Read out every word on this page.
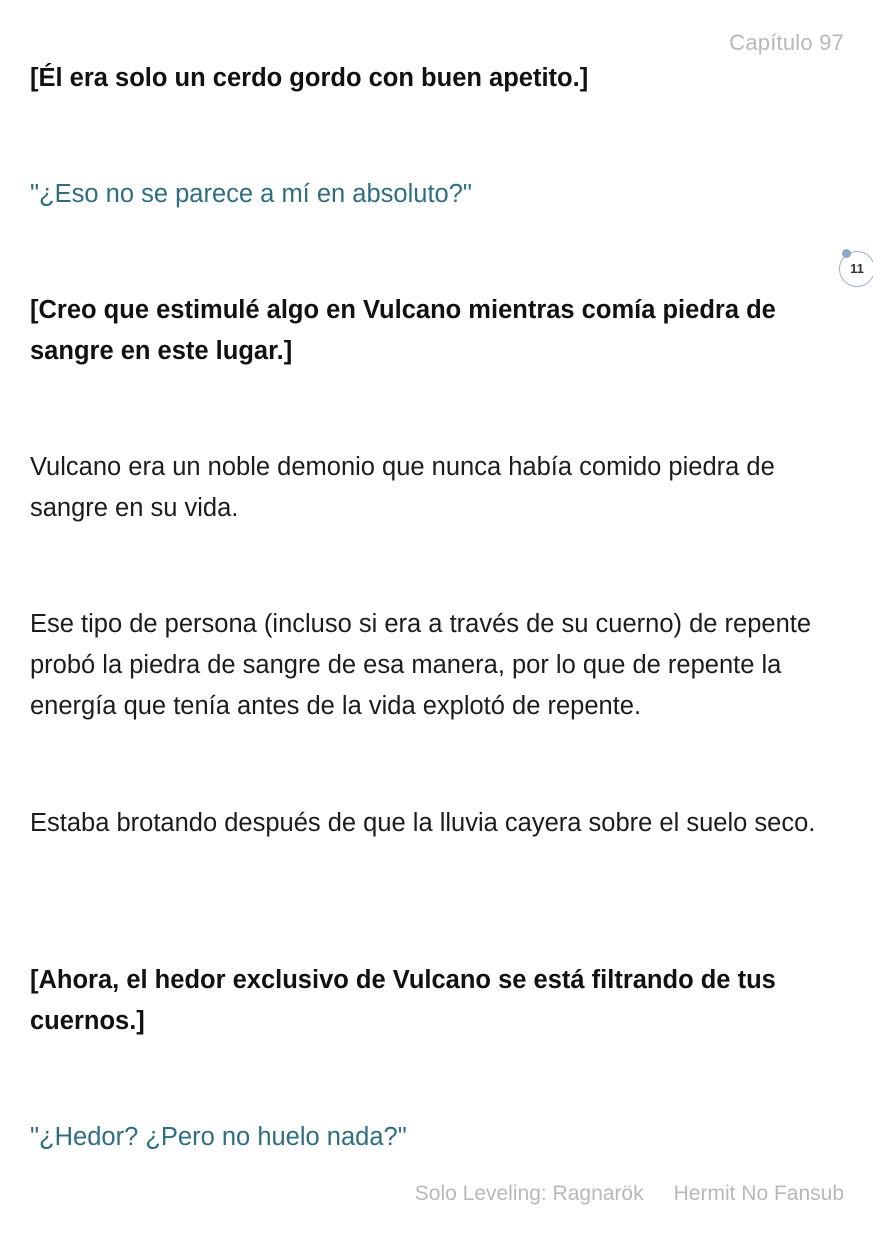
Capítulo 97

[Él era solo un cerdo gordo con buen apetito.]

"¿Eso no se parece a mí en absoluto?"

11

[Creo que estimulé algo en Vulcano mientras comía piedra de sangre en este lugar.]

Vulcano era un noble demonio que nunca había comido piedra de sangre en su vida.

Ese tipo de persona (incluso si era a través de su cuerno) de repente probó la piedra de sangre de esa manera, por lo que de repente la energía que tenía antes de la vida explotó de repente.

Estaba brotando después de que la lluvia cayera sobre el suelo seco.

[Ahora, el hedor exclusivo de Vulcano se está filtrando de tus cuernos.]

"¿Hedor? ¿Pero no huelo nada?"

Solo Leveling: Ragnarök Hermit No Fansub
